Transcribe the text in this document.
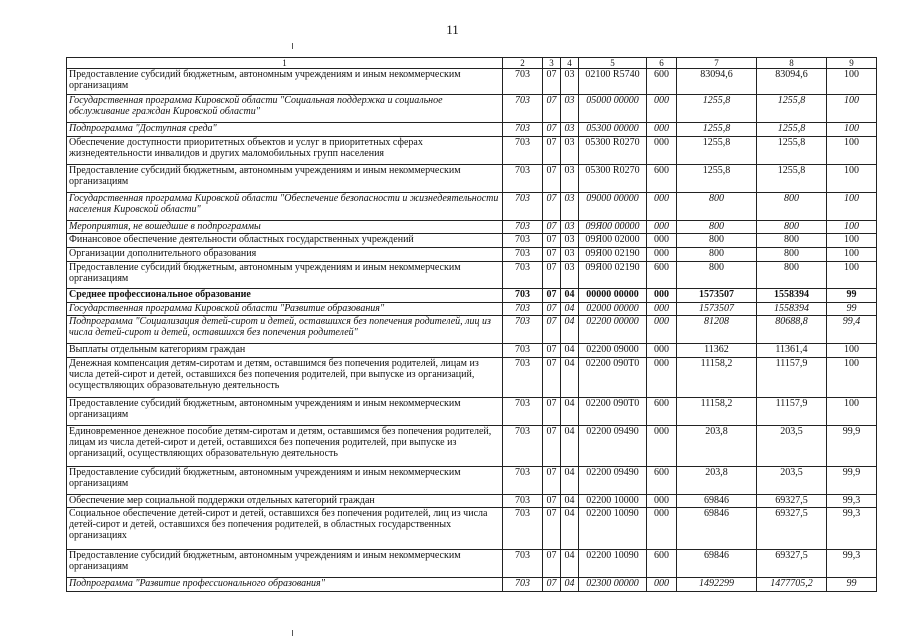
11
1	2	3	4	5	6	7	8	9
Предоставление субсидий бюджетным, автономным учреждениям и иным некоммерческим организациям	703	07	03	02100 R5740	600	83094,6	83094,6	100
Государственная программа Кировской области "Социальная поддержка и социальное обслуживание граждан Кировской области"	703	07	03	05000 00000	000	1255,8	1255,8	100
Подпрограмма "Доступная среда"	703	07	03	05300 00000	000	1255,8	1255,8	100
Обеспечение доступности приоритетных объектов и услуг в приоритетных сферах жизнедеятельности инвалидов и других маломобильных групп населения	703	07	03	05300 R0270	000	1255,8	1255,8	100
Предоставление субсидий бюджетным, автономным учреждениям и иным некоммерческим организациям	703	07	03	05300 R0270	600	1255,8	1255,8	100
Государственная программа Кировской области "Обеспечение безопасности и жизнедеятельности населения Кировской области"	703	07	03	09000 00000	000	800	800	100
Мероприятия, не вошедшие в подпрограммы	703	07	03	09Я00 00000	000	800	800	100
Финансовое обеспечение деятельности областных государственных учреждений	703	07	03	09Я00 02000	000	800	800	100
Организации дополнительного образования	703	07	03	09Я00 02190	000	800	800	100
Предоставление субсидий бюджетным, автономным учреждениям и иным некоммерческим организациям	703	07	03	09Я00 02190	600	800	800	100
Среднее профессиональное образование	703	07	04	00000 00000	000	1573507	1558394	99
Государственная программа Кировской области "Развитие образования"	703	07	04	02000 00000	000	1573507	1558394	99
Подпрограмма "Социализация детей-сирот и детей, оставшихся без попечения родителей, лиц из числа детей-сирот и детей, оставшихся без попечения родителей"	703	07	04	02200 00000	000	81208	80688,8	99,4
Выплаты отдельным категориям граждан	703	07	04	02200 09000	000	11362	11361,4	100
Денежная компенсация детям-сиротам и детям, оставшимся без попечения родителей, лицам из числа детей-сирот и детей, оставшихся без попечения родителей, при выпуске из организаций, осуществляющих образовательную деятельность	703	07	04	02200 090Т0	000	11158,2	11157,9	100
Предоставление субсидий бюджетным, автономным учреждениям и иным некоммерческим организациям	703	07	04	02200 090Т0	600	11158,2	11157,9	100
Единовременное денежное пособие детям-сиротам и детям, оставшимся без попечения родителей, лицам из числа детей-сирот и детей, оставшихся без попечения родителей, при выпуске из организаций, осуществляющих образовательную деятельность	703	07	04	02200 09490	000	203,8	203,5	99,9
Предоставление субсидий бюджетным, автономным учреждениям и иным некоммерческим организациям	703	07	04	02200 09490	600	203,8	203,5	99,9
Обеспечение мер социальной поддержки отдельных категорий граждан	703	07	04	02200 10000	000	69846	69327,5	99,3
Социальное обеспечение детей-сирот и детей, оставшихся без попечения родителей, лиц из числа детей-сирот и детей, оставшихся без попечения родителей, в областных государственных организациях	703	07	04	02200 10090	000	69846	69327,5	99,3
Предоставление субсидий бюджетным, автономным учреждениям и иным некоммерческим организациям	703	07	04	02200 10090	600	69846	69327,5	99,3
Подпрограмма "Развитие профессионального образования"	703	07	04	02300 00000	000	1492299	1477705,2	99
